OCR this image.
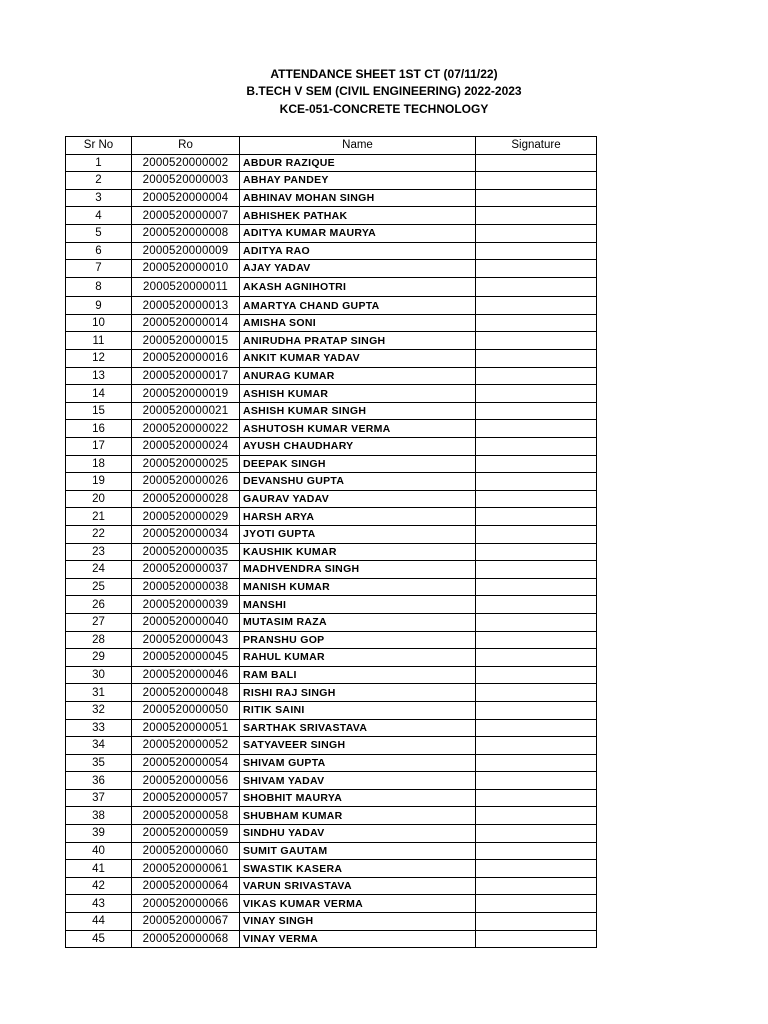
ATTENDANCE SHEET 1ST CT (07/11/22)
B.TECH V SEM (CIVIL ENGINEERING) 2022-2023
KCE-051-CONCRETE TECHNOLOGY
Sr No	Ro	Name	Signature
1	2000520000002	ABDUR RAZIQUE	
2	2000520000003	ABHAY PANDEY	
3	2000520000004	ABHINAV MOHAN SINGH	
4	2000520000007	ABHISHEK PATHAK	
5	2000520000008	ADITYA KUMAR MAURYA	
6	2000520000009	ADITYA RAO	
7	2000520000010	AJAY YADAV	
8	2000520000011	AKASH AGNIHOTRI	
9	2000520000013	AMARTYA CHAND GUPTA	
10	2000520000014	AMISHA SONI	
11	2000520000015	ANIRUDHA PRATAP SINGH	
12	2000520000016	ANKIT KUMAR YADAV	
13	2000520000017	ANURAG KUMAR	
14	2000520000019	ASHISH KUMAR	
15	2000520000021	ASHISH KUMAR SINGH	
16	2000520000022	ASHUTOSH KUMAR VERMA	
17	2000520000024	AYUSH CHAUDHARY	
18	2000520000025	DEEPAK SINGH	
19	2000520000026	DEVANSHU GUPTA	
20	2000520000028	GAURAV YADAV	
21	2000520000029	HARSH ARYA	
22	2000520000034	JYOTI GUPTA	
23	2000520000035	KAUSHIK KUMAR	
24	2000520000037	MADHVENDRA SINGH	
25	2000520000038	MANISH KUMAR	
26	2000520000039	MANSHI	
27	2000520000040	MUTASIM RAZA	
28	2000520000043	PRANSHU GOP	
29	2000520000045	RAHUL KUMAR	
30	2000520000046	RAM BALI	
31	2000520000048	RISHI RAJ SINGH	
32	2000520000050	RITIK SAINI	
33	2000520000051	SARTHAK SRIVASTAVA	
34	2000520000052	SATYAVEER SINGH	
35	2000520000054	SHIVAM GUPTA	
36	2000520000056	SHIVAM YADAV	
37	2000520000057	SHOBHIT MAURYA	
38	2000520000058	SHUBHAM KUMAR	
39	2000520000059	SINDHU YADAV	
40	2000520000060	SUMIT GAUTAM	
41	2000520000061	SWASTIK KASERA	
42	2000520000064	VARUN SRIVASTAVA	
43	2000520000066	VIKAS KUMAR VERMA	
44	2000520000067	VINAY SINGH	
45	2000520000068	VINAY VERMA	
